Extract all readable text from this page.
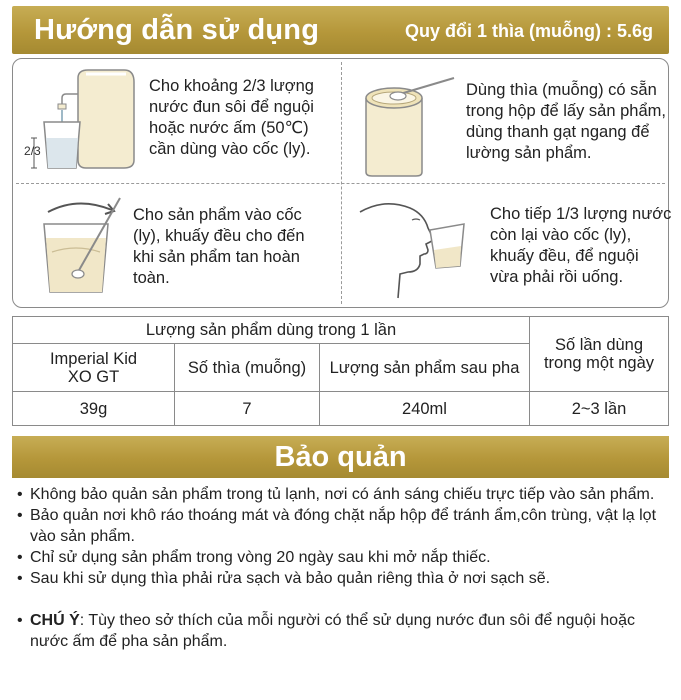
Hướng dẫn sử dụng	Quy đổi 1 thìa (muỗng) : 5.6g
2/3
Cho khoảng 2/3 lượng
nước đun sôi để nguội
hoặc nước ấm (50℃)
cần dùng vào cốc (ly).
Dùng thìa (muỗng) có sẵn
trong hộp để lấy sản phẩm,
dùng thanh gạt ngang để
lường sản phẩm.
Cho sản phẩm vào cốc
(ly), khuấy đều cho đến
khi sản phẩm tan hoàn
toàn.
Cho tiếp 1/3 lượng nước
còn lại vào cốc (ly),
khuấy đều, để nguội
vừa phải rồi uống.
Lượng sản phẩm dùng trong 1 lần
Số lần dùng
trong một ngày
Imperial Kid
XO GT	Số thìa (muỗng)	Lượng sản phẩm sau pha
39g	7	240ml	2~3 lần
Bảo quản
• Không bảo quản sản phẩm trong tủ lạnh, nơi có ánh sáng chiếu trực tiếp vào sản phẩm.
• Bảo quản nơi khô ráo thoáng mát và đóng chặt nắp hộp để tránh ẩm,côn trùng, vật lạ lọt vào sản phẩm.
• Chỉ sử dụng sản phẩm trong vòng 20 ngày sau khi mở nắp thiếc.
• Sau khi sử dụng thìa phải rửa sạch và bảo quản riêng thìa ở nơi sạch sẽ.
• CHÚ Ý: Tùy theo sở thích của mỗi người có thể sử dụng nước đun sôi để nguội hoặc nước ấm để pha sản phẩm.
